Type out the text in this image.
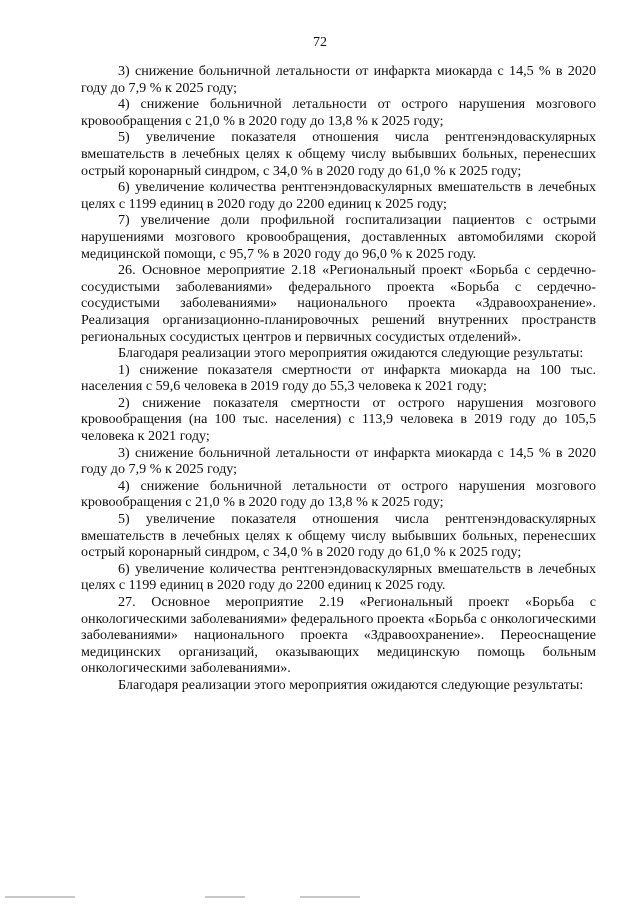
72

3) снижение больничной летальности от инфаркта миокарда с 14,5 % в 2020 году до 7,9 % к 2025 году;

4) снижение больничной летальности от острого нарушения мозгового кровообращения с 21,0 % в 2020 году до 13,8 % к 2025 году;

5) увеличение показателя отношения числа рентгенэндоваскулярных вмешательств в лечебных целях к общему числу выбывших больных, перенесших острый коронарный синдром, с 34,0 % в 2020 году до 61,0 % к 2025 году;

6) увеличение количества рентгенэндоваскулярных вмешательств в лечебных целях с 1199 единиц в 2020 году до 2200 единиц к 2025 году;

7) увеличение доли профильной госпитализации пациентов с острыми нарушениями мозгового кровообращения, доставленных автомобилями скорой медицинской помощи, с 95,7 % в 2020 году до 96,0 % к 2025 году.

26. Основное мероприятие 2.18 «Региональный проект «Борьба с сердечно-сосудистыми заболеваниями» федерального проекта «Борьба с сердечно-сосудистыми заболеваниями» национального проекта «Здравоохранение». Реализация организационно-планировочных решений внутренних пространств региональных сосудистых центров и первичных сосудистых отделений».

Благодаря реализации этого мероприятия ожидаются следующие результаты:

1) снижение показателя смертности от инфаркта миокарда на 100 тыс. населения с 59,6 человека в 2019 году до 55,3 человека к 2021 году;

2) снижение показателя смертности от острого нарушения мозгового кровообращения (на 100 тыс. населения) с 113,9 человека в 2019 году до 105,5 человека к 2021 году;

3) снижение больничной летальности от инфаркта миокарда с 14,5 % в 2020 году до 7,9 % к 2025 году;

4) снижение больничной летальности от острого нарушения мозгового кровообращения с 21,0 % в 2020 году до 13,8 % к 2025 году;

5) увеличение показателя отношения числа рентгенэндоваскулярных вмешательств в лечебных целях к общему числу выбывших больных, перенесших острый коронарный синдром, с 34,0 % в 2020 году до 61,0 % к 2025 году;

6) увеличение количества рентгенэндоваскулярных вмешательств в лечебных целях с 1199 единиц в 2020 году до 2200 единиц к 2025 году.

27. Основное мероприятие 2.19 «Региональный проект «Борьба с онкологическими заболеваниями» федерального проекта «Борьба с онкологическими заболеваниями» национального проекта «Здравоохранение». Переоснащение медицинских организаций, оказывающих медицинскую помощь больным онкологическими заболеваниями».

Благодаря реализации этого мероприятия ожидаются следующие результаты:
